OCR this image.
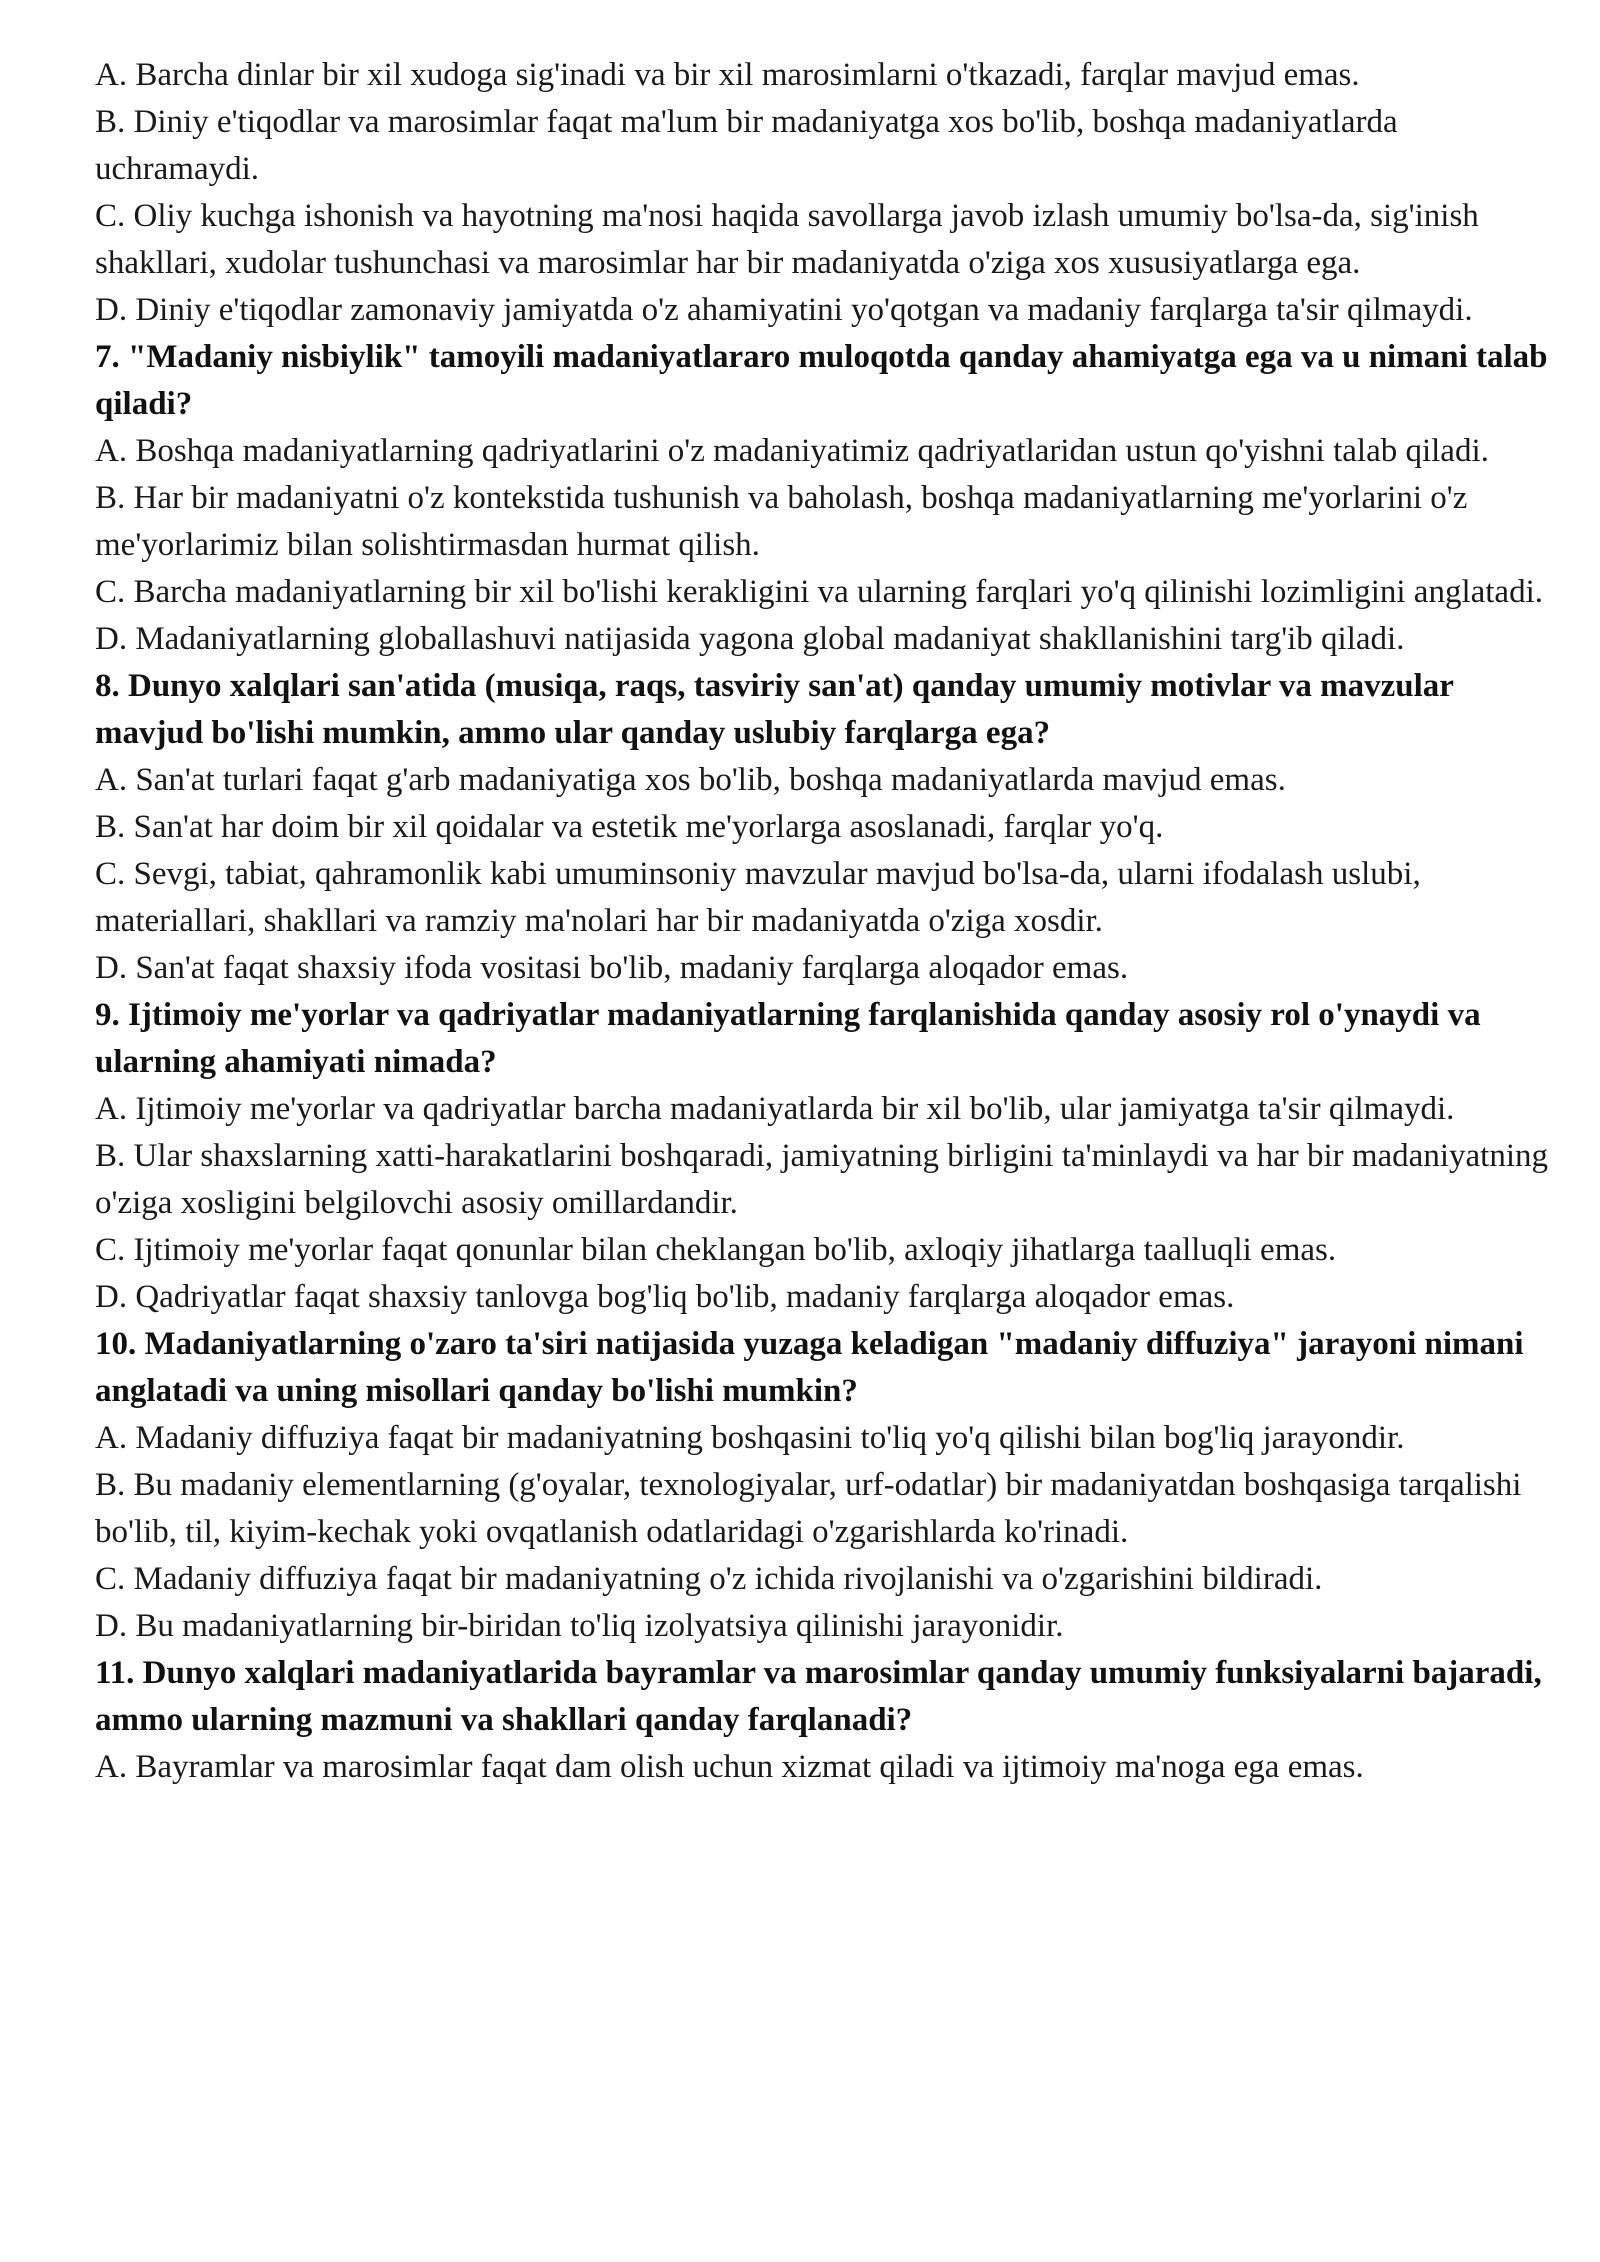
A. Barcha dinlar bir xil xudoga sig'inadi va bir xil marosimlarni o'tkazadi, farqlar mavjud emas.

B. Diniy e'tiqodlar va marosimlar faqat ma'lum bir madaniyatga xos bo'lib, boshqa madaniyatlarda uchramaydi.

C. Oliy kuchga ishonish va hayotning ma'nosi haqida savollarga javob izlash umumiy bo'lsa-da, sig'inish shakllari, xudolar tushunchasi va marosimlar har bir madaniyatda o'ziga xos xususiyatlarga ega.

D. Diniy e'tiqodlar zamonaviy jamiyatda o'z ahamiyatini yo'qotgan va madaniy farqlarga ta'sir qilmaydi.

7. "Madaniy nisbiylik" tamoyili madaniyatlararo muloqotda qanday ahamiyatga ega va u nimani talab qiladi?

A. Boshqa madaniyatlarning qadriyatlarini o'z madaniyatimiz qadriyatlaridan ustun qo'yishni talab qiladi.

B. Har bir madaniyatni o'z kontekstida tushunish va baholash, boshqa madaniyatlarning me'yorlarini o'z me'yorlarimiz bilan solishtirmasdan hurmat qilish.

C. Barcha madaniyatlarning bir xil bo'lishi kerakligini va ularning farqlari yo'q qilinishi lozimligini anglatadi.

D. Madaniyatlarning globallashuvi natijasida yagona global madaniyat shakllanishini targ'ib qiladi.

8. Dunyo xalqlari san'atida (musiqa, raqs, tasviriy san'at) qanday umumiy motivlar va mavzular mavjud bo'lishi mumkin, ammo ular qanday uslubiy farqlarga ega?

A. San'at turlari faqat g'arb madaniyatiga xos bo'lib, boshqa madaniyatlarda mavjud emas.

B. San'at har doim bir xil qoidalar va estetik me'yorlarga asoslanadi, farqlar yo'q.

C. Sevgi, tabiat, qahramonlik kabi umuminsoniy mavzular mavjud bo'lsa-da, ularni ifodalash uslubi, materiallari, shakllari va ramziy ma'nolari har bir madaniyatda o'ziga xosdir.

D. San'at faqat shaxsiy ifoda vositasi bo'lib, madaniy farqlarga aloqador emas.

9. Ijtimoiy me'yorlar va qadriyatlar madaniyatlarning farqlanishida qanday asosiy rol o'ynaydi va ularning ahamiyati nimada?

A. Ijtimoiy me'yorlar va qadriyatlar barcha madaniyatlarda bir xil bo'lib, ular jamiyatga ta'sir qilmaydi.

B. Ular shaxslarning xatti-harakatlarini boshqaradi, jamiyatning birligini ta'minlaydi va har bir madaniyatning o'ziga xosligini belgilovchi asosiy omillardandir.

C. Ijtimoiy me'yorlar faqat qonunlar bilan cheklangan bo'lib, axloqiy jihatlarga taalluqli emas.

D. Qadriyatlar faqat shaxsiy tanlovga bog'liq bo'lib, madaniy farqlarga aloqador emas.

10. Madaniyatlarning o'zaro ta'siri natijasida yuzaga keladigan "madaniy diffuziya" jarayoni nimani anglatadi va uning misollari qanday bo'lishi mumkin?

A. Madaniy diffuziya faqat bir madaniyatning boshqasini to'liq yo'q qilishi bilan bog'liq jarayondir.

B. Bu madaniy elementlarning (g'oyalar, texnologiyalar, urf-odatlar) bir madaniyatdan boshqasiga tarqalishi bo'lib, til, kiyim-kechak yoki ovqatlanish odatlaridagi o'zgarishlarda ko'rinadi.

C. Madaniy diffuziya faqat bir madaniyatning o'z ichida rivojlanishi va o'zgarishini bildiradi.

D. Bu madaniyatlarning bir-biridan to'liq izolyatsiya qilinishi jarayonidir.

11. Dunyo xalqlari madaniyatlarida bayramlar va marosimlar qanday umumiy funksiyalarni bajaradi, ammo ularning mazmuni va shakllari qanday farqlanadi?

A. Bayramlar va marosimlar faqat dam olish uchun xizmat qiladi va ijtimoiy ma'noga ega emas.
